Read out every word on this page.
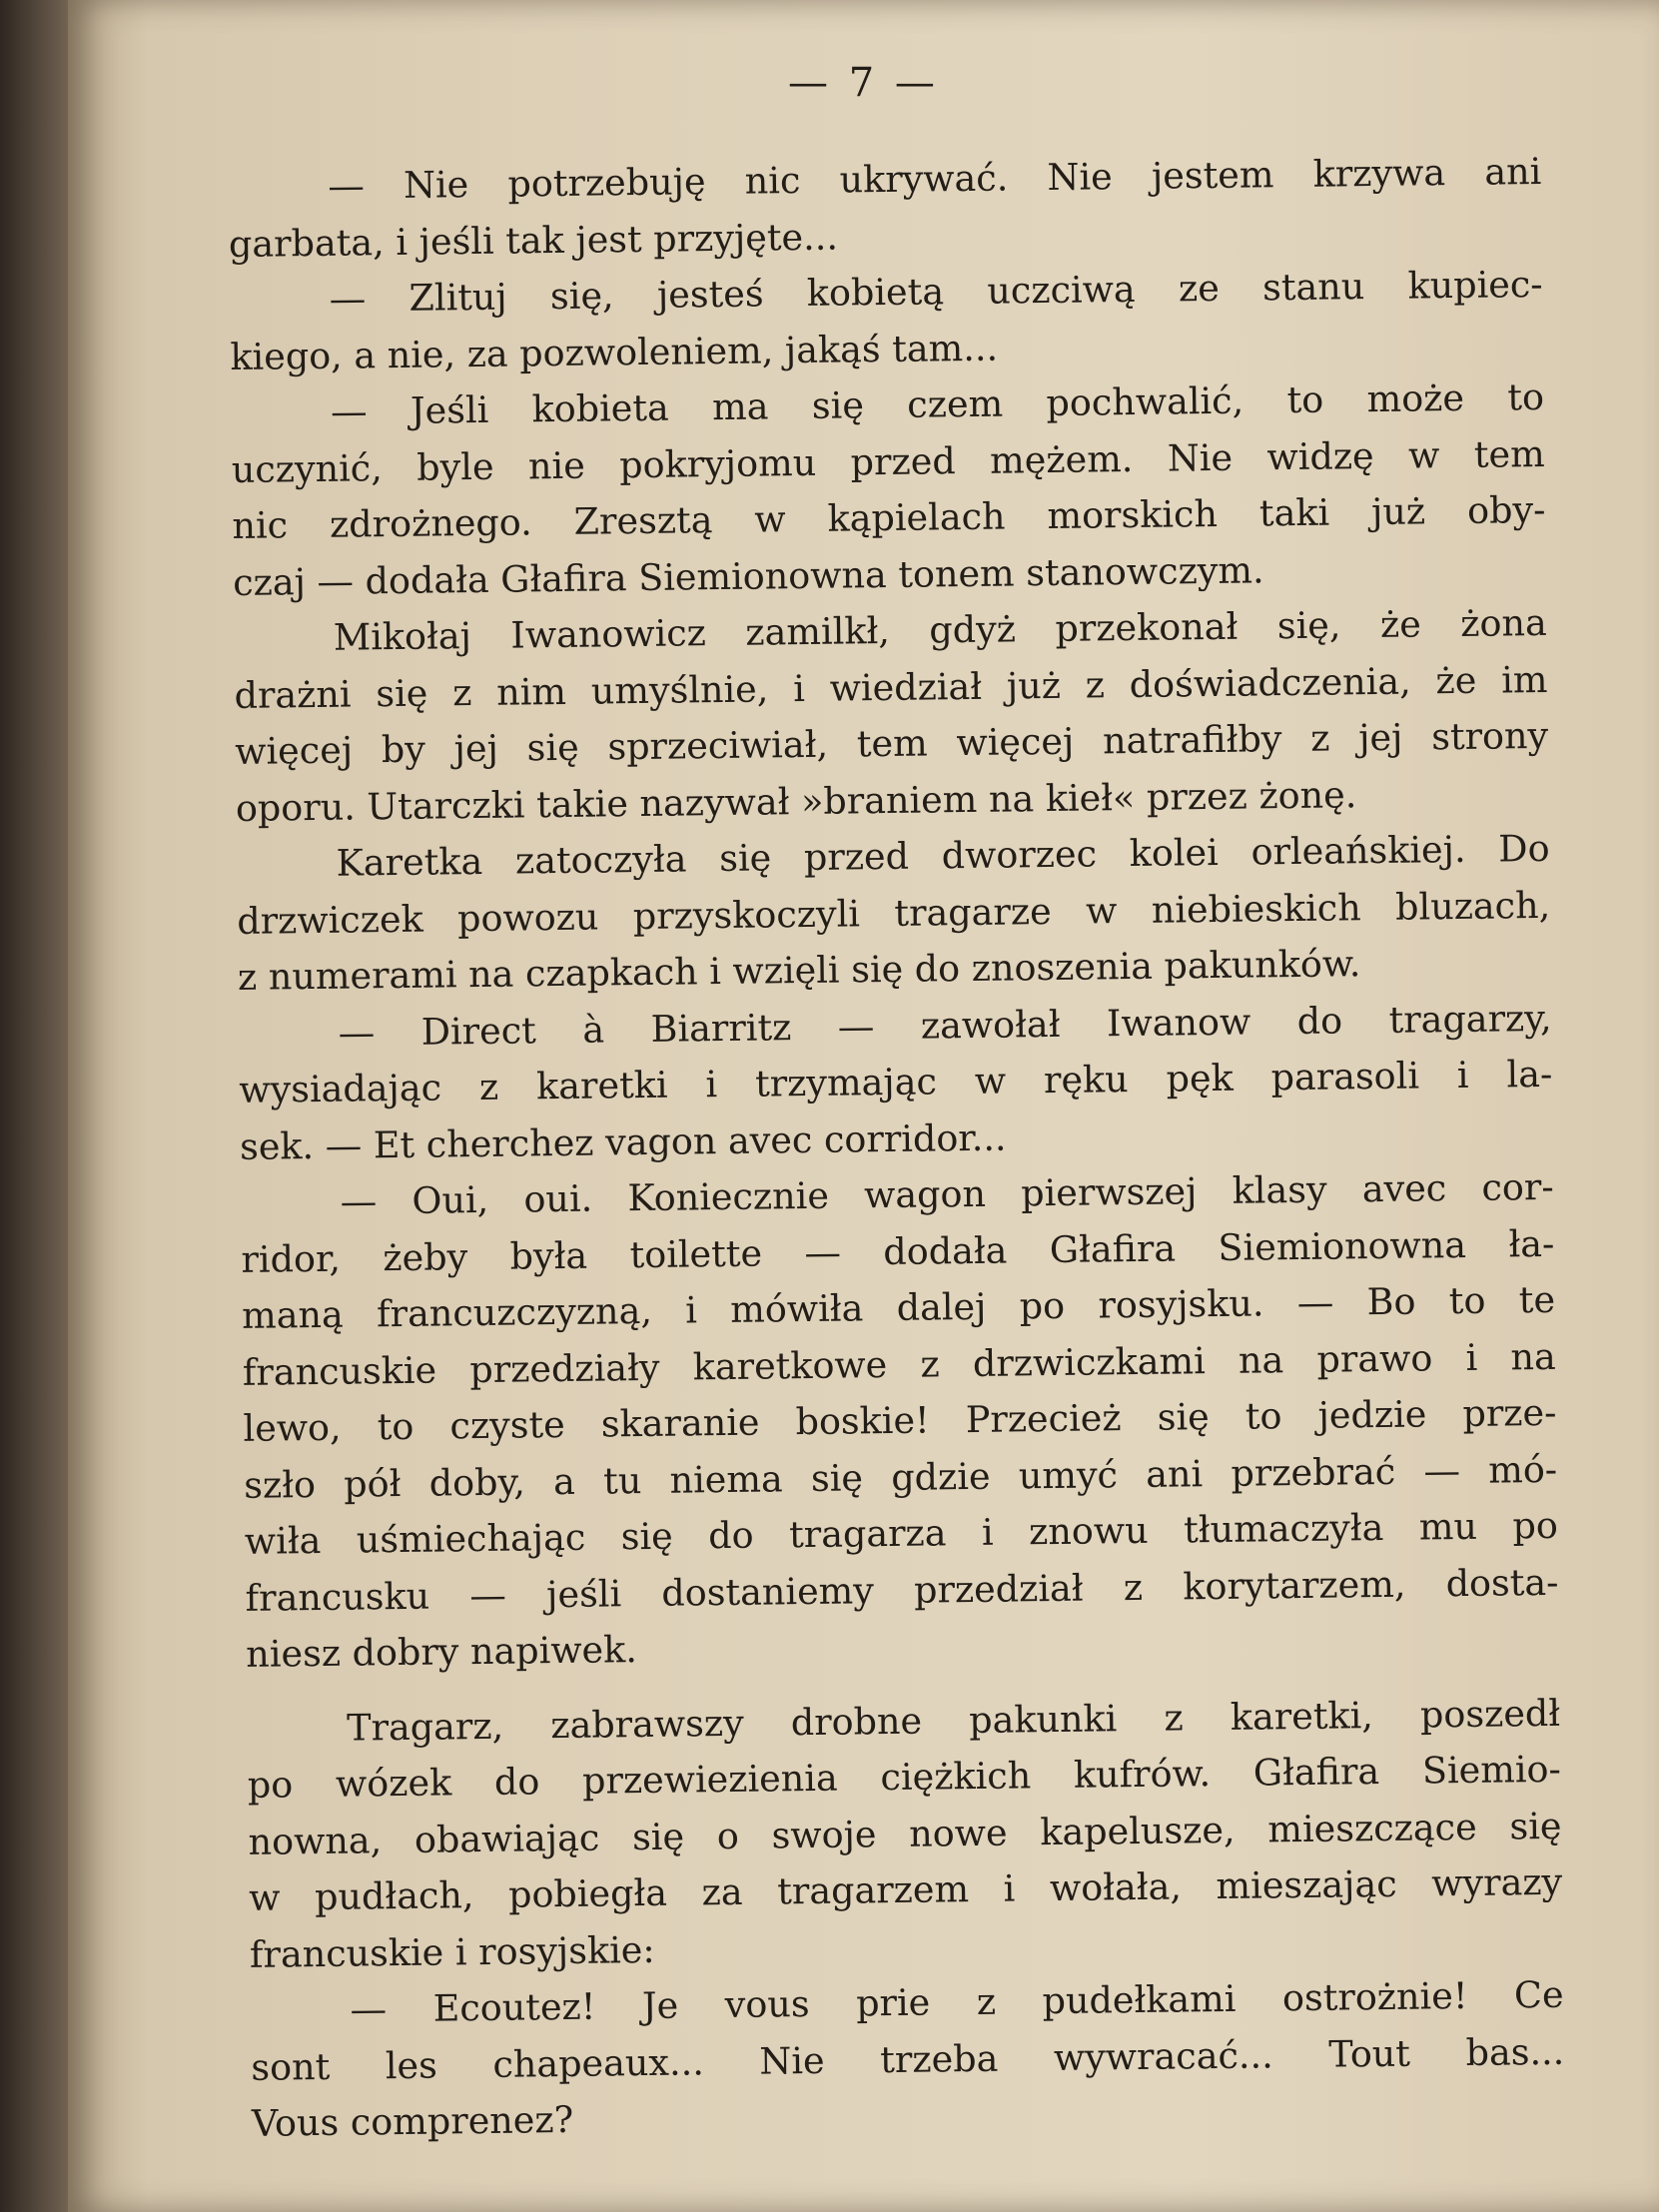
— 7 —
— Nie potrzebuję nic ukrywać. Nie jestem krzywa ani
garbata, i jeśli tak jest przyjęte...
— Zlituj się, jesteś kobietą uczciwą ze stanu kupiec-
kiego, a nie, za pozwoleniem, jakąś tam...
— Jeśli kobieta ma się czem pochwalić, to może to
uczynić, byle nie pokryjomu przed mężem. Nie widzę w tem
nic zdrożnego. Zresztą w kąpielach morskich taki już oby-
czaj — dodała Głafira Siemionowna tonem stanowczym.
Mikołaj Iwanowicz zamilkł, gdyż przekonał się, że żona
drażni się z nim umyślnie, i wiedział już z doświadczenia, że im
więcej by jej się sprzeciwiał, tem więcej natrafiłby z jej strony
oporu. Utarczki takie nazywał »braniem na kieł« przez żonę.
Karetka zatoczyła się przed dworzec kolei orleańskiej. Do
drzwiczek powozu przyskoczyli tragarze w niebieskich bluzach,
z numerami na czapkach i wzięli się do znoszenia pakunków.
— Direct à Biarritz — zawołał Iwanow do tragarzy,
wysiadając z karetki i trzymając w ręku pęk parasoli i la-
sek. — Et cherchez vagon avec corridor...
— Oui, oui. Koniecznie wagon pierwszej klasy avec cor-
ridor, żeby była toilette — dodała Głafira Siemionowna ła-
maną francuzczyzną, i mówiła dalej po rosyjsku. — Bo to te
francuskie przedziały karetkowe z drzwiczkami na prawo i na
lewo, to czyste skaranie boskie! Przecież się to jedzie prze-
szło pół doby, a tu niema się gdzie umyć ani przebrać — mó-
wiła uśmiechając się do tragarza i znowu tłumaczyła mu po
francusku — jeśli dostaniemy przedział z korytarzem, dosta-
niesz dobry napiwek.
Tragarz, zabrawszy drobne pakunki z karetki, poszedł
po wózek do przewiezienia ciężkich kufrów. Głafira Siemio-
nowna, obawiając się o swoje nowe kapelusze, mieszczące się
w pudłach, pobiegła za tragarzem i wołała, mieszając wyrazy
francuskie i rosyjskie:
— Ecoutez! Je vous prie z pudełkami ostrożnie! Ce
sont les chapeaux... Nie trzeba wywracać... Tout bas...
Vous comprenez?
